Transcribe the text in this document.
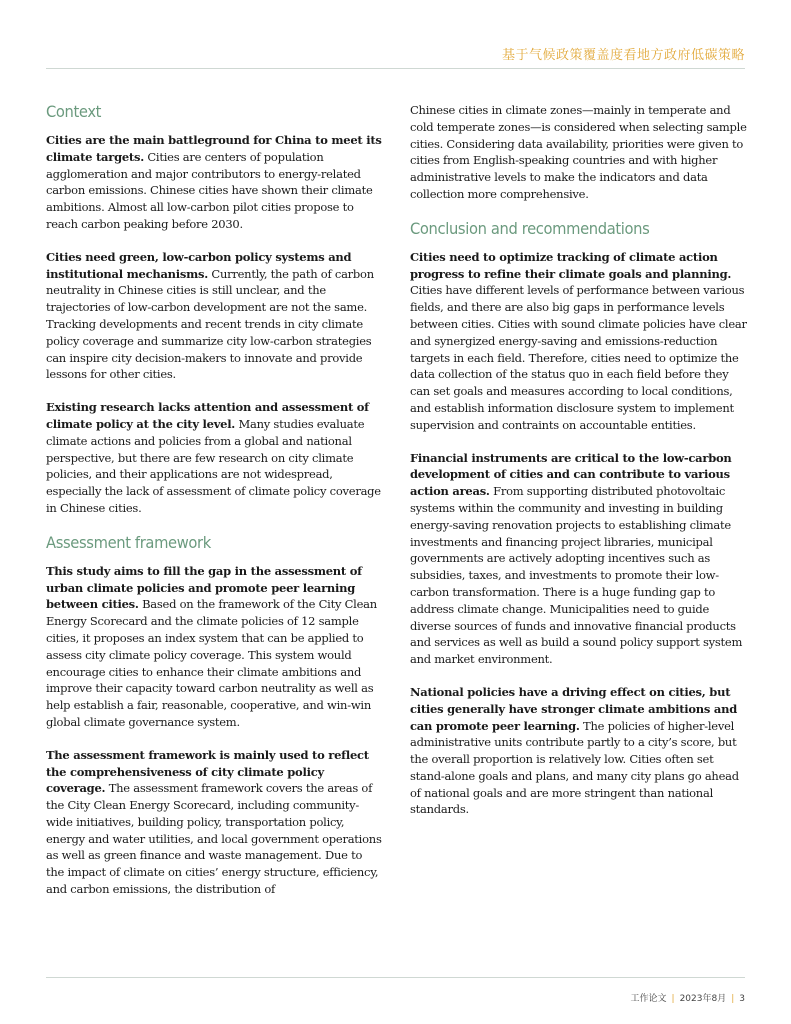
基于气候政策覆盖度看地方政府低碳策略
Context

Cities are the main battleground for China to meet its climate targets. Cities are centers of population agglomeration and major contributors to energy-related carbon emissions. Chinese cities have shown their climate ambitions. Almost all low-carbon pilot cities propose to reach carbon peaking before 2030.

Cities need green, low-carbon policy systems and institutional mechanisms. Currently, the path of carbon neutrality in Chinese cities is still unclear, and the trajectories of low-carbon development are not the same. Tracking developments and recent trends in city climate policy coverage and summarize city low-carbon strategies can inspire city decision-makers to innovate and provide lessons for other cities.

Existing research lacks attention and assessment of climate policy at the city level. Many studies evaluate climate actions and policies from a global and national perspective, but there are few research on city climate policies, and their applications are not widespread, especially the lack of assessment of climate policy coverage in Chinese cities.

Assessment framework

This study aims to fill the gap in the assessment of urban climate policies and promote peer learning between cities. Based on the framework of the City Clean Energy Scorecard and the climate policies of 12 sample cities, it proposes an index system that can be applied to assess city climate policy coverage. This system would encourage cities to enhance their climate ambitions and improve their capacity toward carbon neutrality as well as help establish a fair, reasonable, cooperative, and win-win global climate governance system.

The assessment framework is mainly used to reflect the comprehensiveness of city climate policy coverage. The assessment framework covers the areas of the City Clean Energy Scorecard, including community-wide initiatives, building policy, transportation policy, energy and water utilities, and local government operations as well as green finance and waste management. Due to the impact of climate on cities’ energy structure, efficiency, and carbon emissions, the distribution of

Chinese cities in climate zones—mainly in temperate and cold temperate zones—is considered when selecting sample cities. Considering data availability, priorities were given to cities from English-speaking countries and with higher administrative levels to make the indicators and data collection more comprehensive.

Conclusion and recommendations

Cities need to optimize tracking of climate action progress to refine their climate goals and planning. Cities have different levels of performance between various fields, and there are also big gaps in performance levels between cities. Cities with sound climate policies have clear and synergized energy-saving and emissions-reduction targets in each field. Therefore, cities need to optimize the data collection of the status quo in each field before they can set goals and measures according to local conditions, and establish information disclosure system to implement supervision and contraints on accountable entities.

Financial instruments are critical to the low-carbon development of cities and can contribute to various action areas. From supporting distributed photovoltaic systems within the community and investing in building energy-saving renovation projects to establishing climate investments and financing project libraries, municipal governments are actively adopting incentives such as subsidies, taxes, and investments to promote their low-carbon transformation. There is a huge funding gap to address climate change. Municipalities need to guide diverse sources of funds and innovative financial products and services as well as build a sound policy support system and market environment.

National policies have a driving effect on cities, but cities generally have stronger climate ambitions and can promote peer learning. The policies of higher-level administrative units contribute partly to a city’s score, but the overall proportion is relatively low. Cities often set stand-alone goals and plans, and many city plans go ahead of national goals and are more stringent than national standards.

工作论文 | 2023年8月 | 3
